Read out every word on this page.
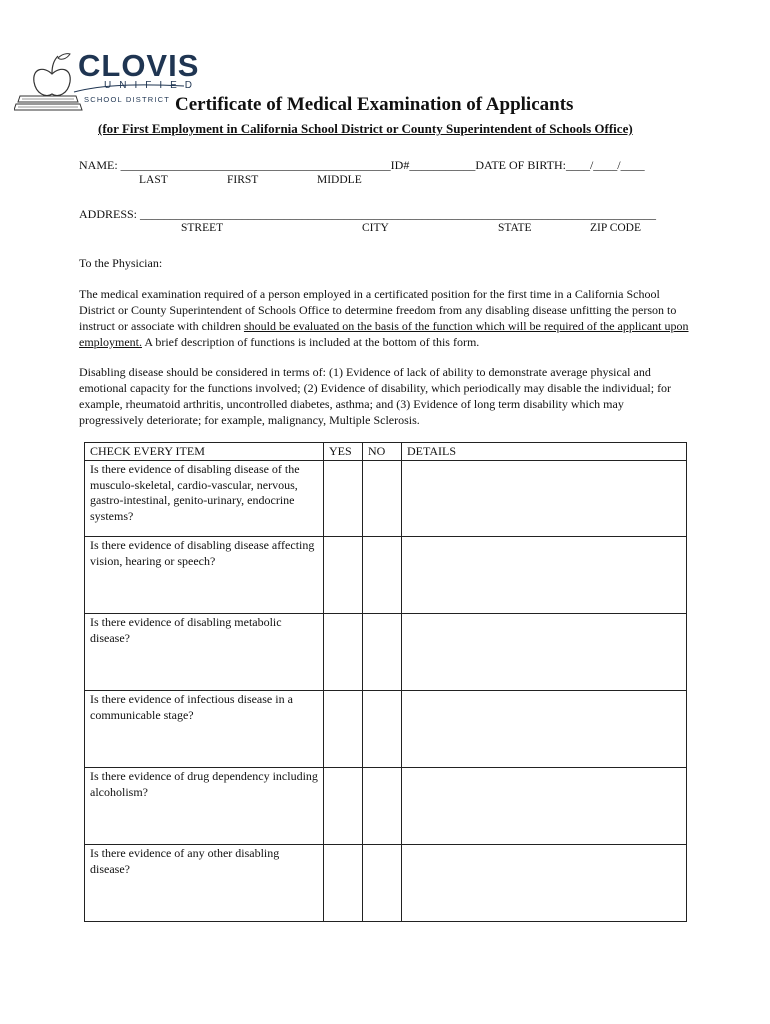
CLOVIS
UNIFIED
SCHOOL DISTRICT Certificate of Medical Examination of Applicants
(for First Employment in California School District or County Superintendent of Schools Office)
NAME: _____________________________________________ID#___________DATE OF BIRTH:____/____/____
LAST	FIRST	MIDDLE
ADDRESS: ______________________________________________________________________________________
STREET	CITY	STATE	ZIP CODE
To the Physician:
The medical examination required of a person employed in a certificated position for the first time in a California School District or County Superintendent of Schools Office to determine freedom from any disabling disease unfitting the person to instruct or associate with children should be evaluated on the basis of the function which will be required of the applicant upon employment. A brief description of functions is included at the bottom of this form.
Disabling disease should be considered in terms of: (1) Evidence of lack of ability to demonstrate average physical and emotional capacity for the functions involved; (2) Evidence of disability, which periodically may disable the individual; for example, rheumatoid arthritis, uncontrolled diabetes, asthma; and (3) Evidence of long term disability which may progressively deteriorate; for example, malignancy, Multiple Sclerosis.
CHECK EVERY ITEM	YES	NO	DETAILS
Is there evidence of disabling disease of the musculo-skeletal, cardio-vascular, nervous, gastro-intestinal, genito-urinary, endocrine systems?			
Is there evidence of disabling disease affecting vision, hearing or speech?			
Is there evidence of disabling metabolic disease?			
Is there evidence of infectious disease in a communicable stage?			
Is there evidence of drug dependency including alcoholism?			
Is there evidence of any other disabling disease?			
